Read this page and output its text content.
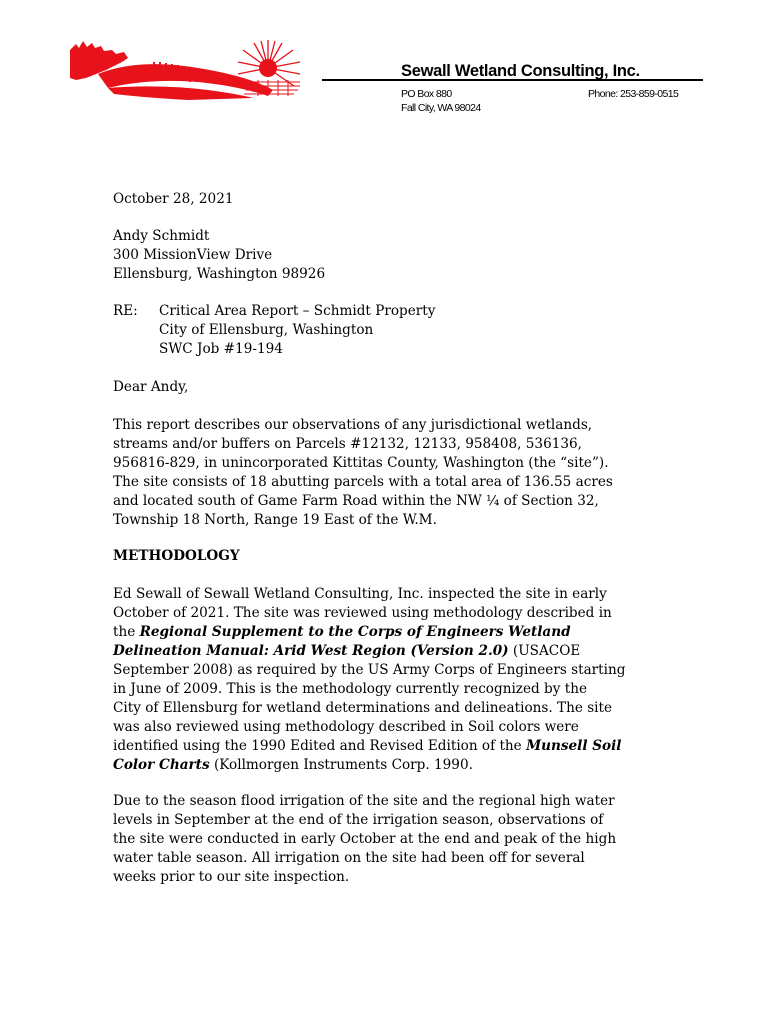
Sewall Wetland Consulting, Inc.
PO Box 880	Phone: 253-859-0515
Fall City, WA 98024
October 28, 2021
Andy Schmidt
300 MissionView Drive
Ellensburg, Washington 98926
RE: Critical Area Report – Schmidt Property
City of Ellensburg, Washington
SWC Job #19-194
Dear Andy,
This report describes our observations of any jurisdictional wetlands,
streams and/or buffers on Parcels #12132, 12133, 958408, 536136,
956816-829, in unincorporated Kittitas County, Washington (the “site”).
The site consists of 18 abutting parcels with a total area of 136.55 acres
and located south of Game Farm Road within the NW ¼ of Section 32,
Township 18 North, Range 19 East of the W.M.
METHODOLOGY
Ed Sewall of Sewall Wetland Consulting, Inc. inspected the site in early
October of 2021. The site was reviewed using methodology described in
the Regional Supplement to the Corps of Engineers Wetland
Delineation Manual: Arid West Region (Version 2.0) (USACOE
September 2008) as required by the US Army Corps of Engineers starting
in June of 2009. This is the methodology currently recognized by the
City of Ellensburg for wetland determinations and delineations. The site
was also reviewed using methodology described in Soil colors were
identified using the 1990 Edited and Revised Edition of the Munsell Soil
Color Charts (Kollmorgen Instruments Corp. 1990.
Due to the season flood irrigation of the site and the regional high water
levels in September at the end of the irrigation season, observations of
the site were conducted in early October at the end and peak of the high
water table season. All irrigation on the site had been off for several
weeks prior to our site inspection.
